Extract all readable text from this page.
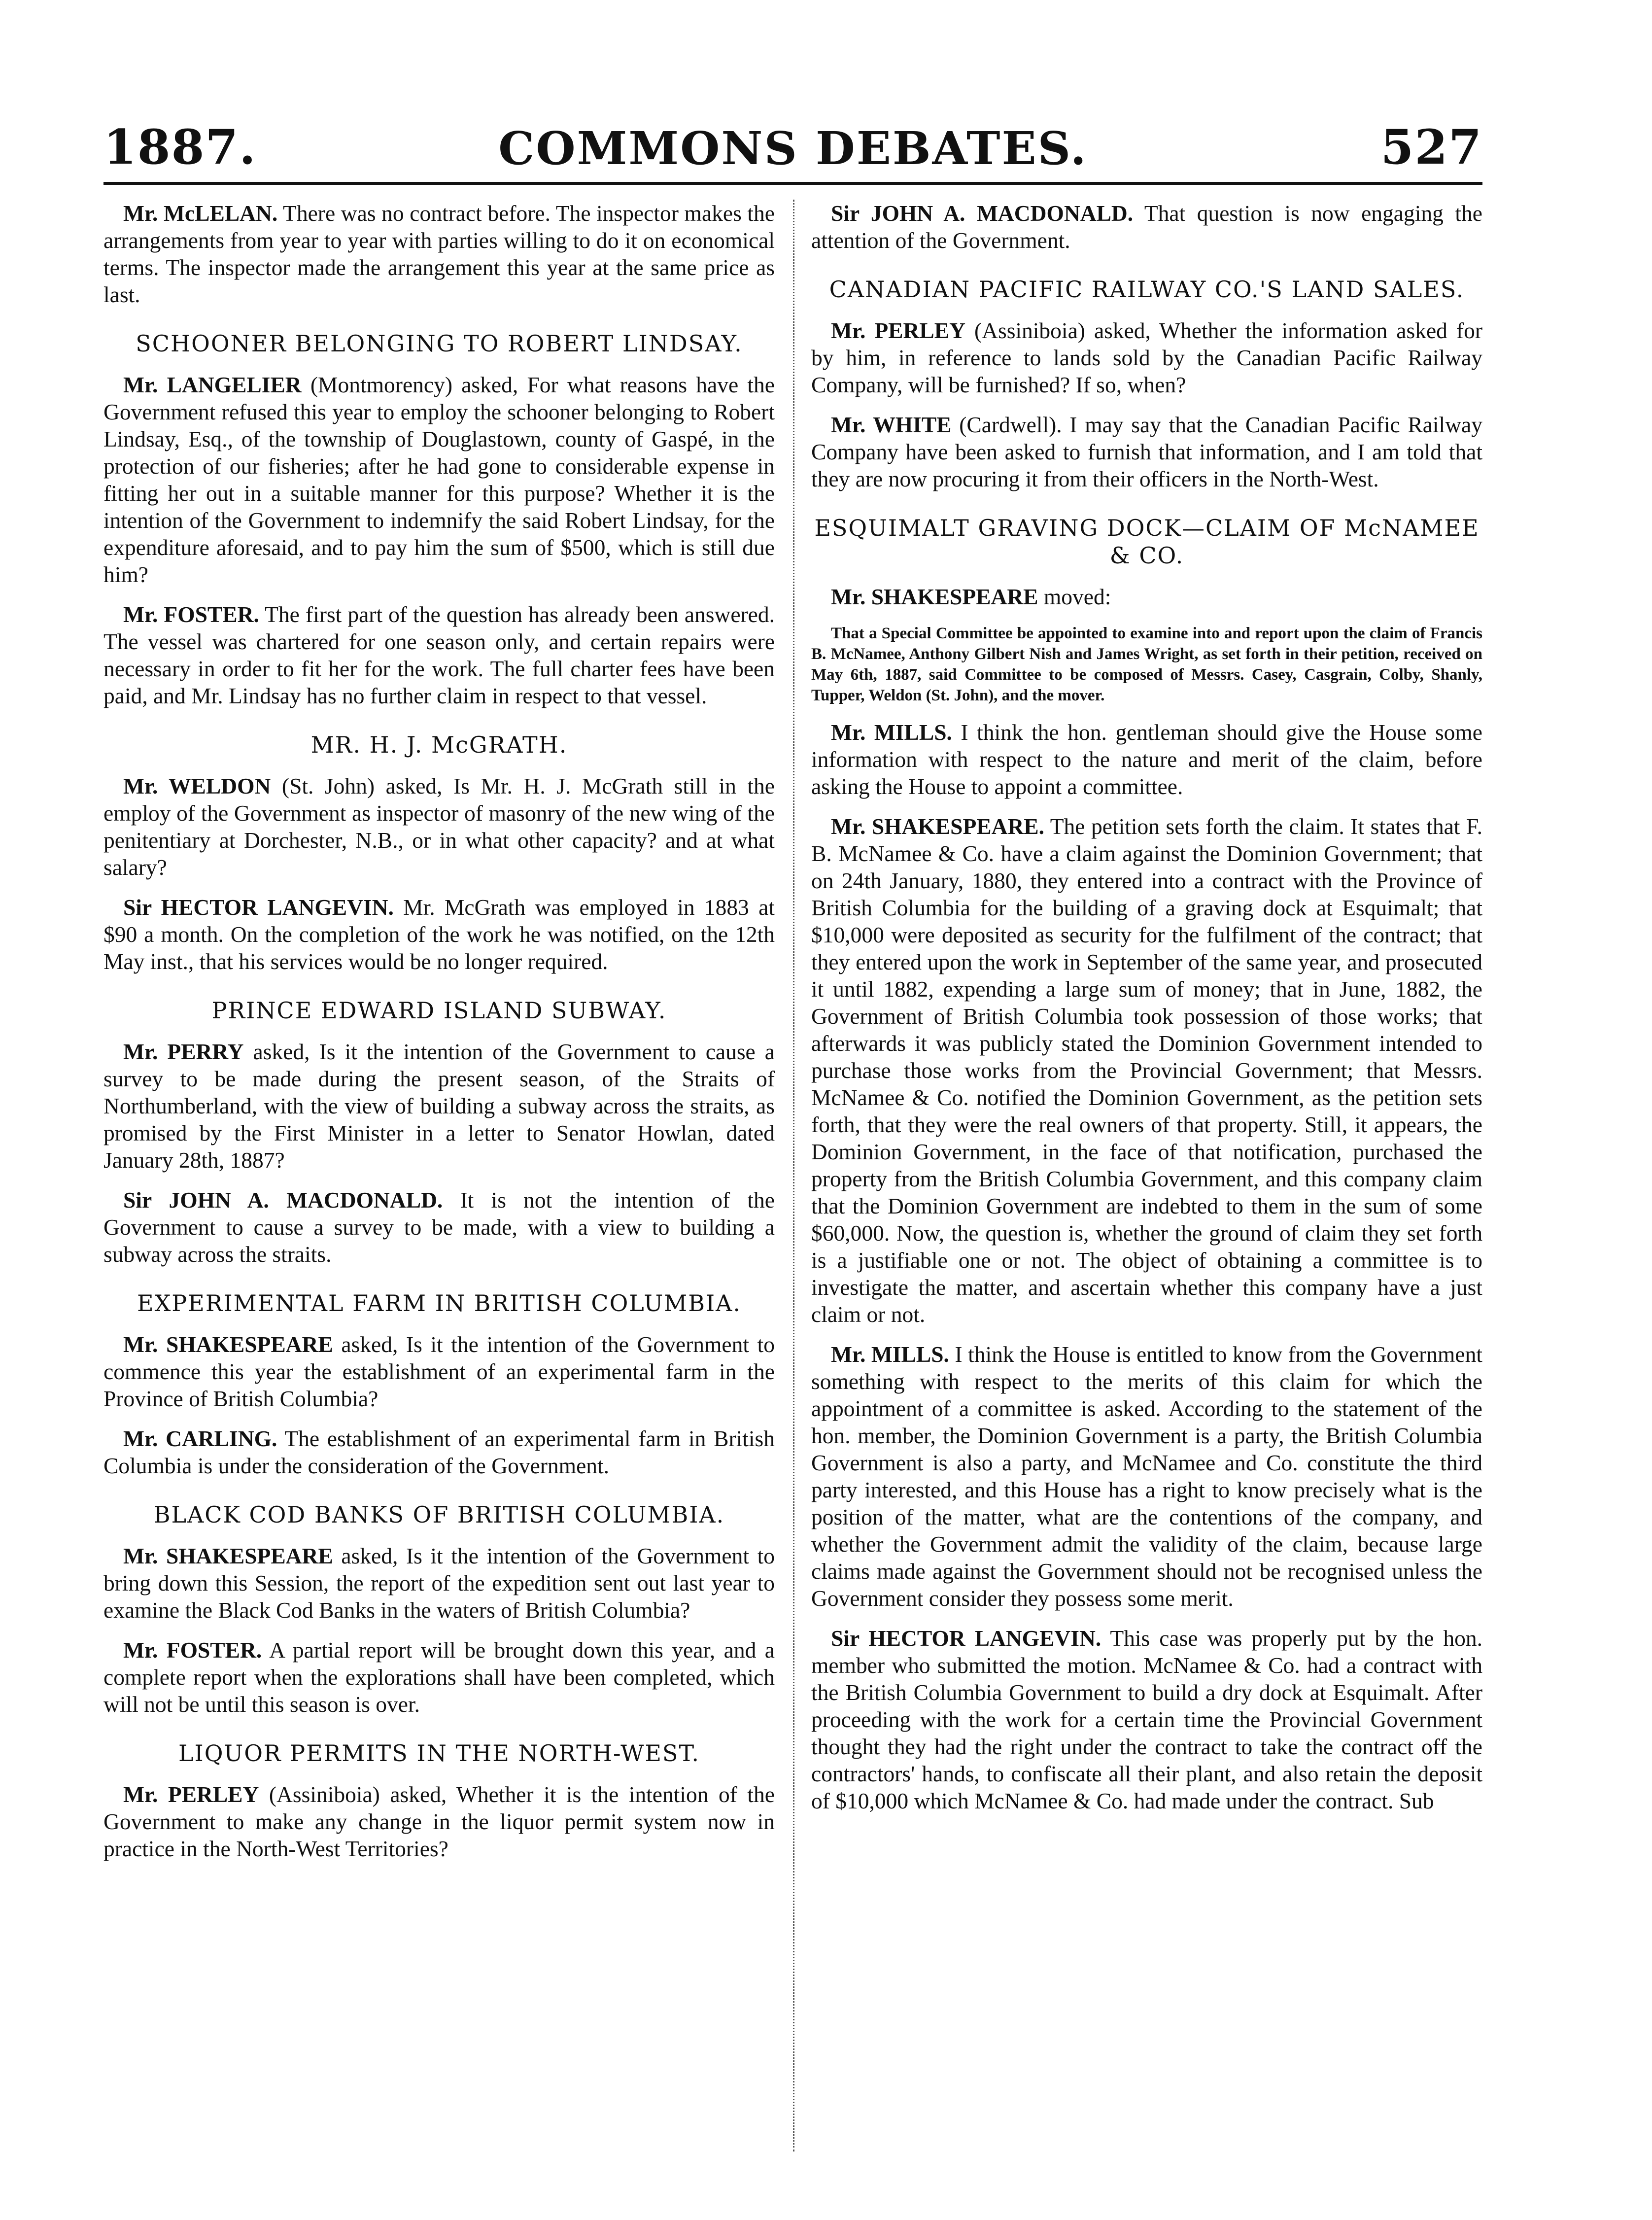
1887.	COMMONS DEBATES.	527

Mr. McLELAN. There was no contract before. The inspector makes the arrangements from year to year with parties willing to do it on economical terms. The inspector made the arrangement this year at the same price as last.

SCHOONER BELONGING TO ROBERT LINDSAY.

Mr. LANGELIER (Montmorency) asked, For what reasons have the Government refused this year to employ the schooner belonging to Robert Lindsay, Esq., of the township of Douglastown, county of Gaspé, in the protection of our fisheries; after he had gone to considerable expense in fitting her out in a suitable manner for this purpose? Whether it is the intention of the Government to indemnify the said Robert Lindsay, for the expenditure aforesaid, and to pay him the sum of $500, which is still due him?

Mr. FOSTER. The first part of the question has already been answered. The vessel was chartered for one season only, and certain repairs were necessary in order to fit her for the work. The full charter fees have been paid, and Mr. Lindsay has no further claim in respect to that vessel.

MR. H. J. McGRATH.

Mr. WELDON (St. John) asked, Is Mr. H. J. McGrath still in the employ of the Government as inspector of masonry of the new wing of the penitentiary at Dorchester, N.B., or in what other capacity? and at what salary?

Sir HECTOR LANGEVIN. Mr. McGrath was employed in 1883 at $90 a month. On the completion of the work he was notified, on the 12th May inst., that his services would be no longer required.

PRINCE EDWARD ISLAND SUBWAY.

Mr. PERRY asked, Is it the intention of the Government to cause a survey to be made during the present season, of the Straits of Northumberland, with the view of building a subway across the straits, as promised by the First Minister in a letter to Senator Howlan, dated January 28th, 1887?

Sir JOHN A. MACDONALD. It is not the intention of the Government to cause a survey to be made, with a view to building a subway across the straits.

EXPERIMENTAL FARM IN BRITISH COLUMBIA.

Mr. SHAKESPEARE asked, Is it the intention of the Government to commence this year the establishment of an experimental farm in the Province of British Columbia?

Mr. CARLING. The establishment of an experimental farm in British Columbia is under the consideration of the Government.

BLACK COD BANKS OF BRITISH COLUMBIA.

Mr. SHAKESPEARE asked, Is it the intention of the Government to bring down this Session, the report of the expedition sent out last year to examine the Black Cod Banks in the waters of British Columbia?

Mr. FOSTER. A partial report will be brought down this year, and a complete report when the explorations shall have been completed, which will not be until this season is over.

LIQUOR PERMITS IN THE NORTH-WEST.

Mr. PERLEY (Assiniboia) asked, Whether it is the intention of the Government to make any change in the liquor permit system now in practice in the North-West Territories?

Sir JOHN A. MACDONALD. That question is now engaging the attention of the Government.

CANADIAN PACIFIC RAILWAY CO.'S LAND SALES.

Mr. PERLEY (Assiniboia) asked, Whether the information asked for by him, in reference to lands sold by the Canadian Pacific Railway Company, will be furnished? If so, when?

Mr. WHITE (Cardwell). I may say that the Canadian Pacific Railway Company have been asked to furnish that information, and I am told that they are now procuring it from their officers in the North-West.

ESQUIMALT GRAVING DOCK—CLAIM OF McNAMEE & CO.

Mr. SHAKESPEARE moved:

That a Special Committee be appointed to examine into and report upon the claim of Francis B. McNamee, Anthony Gilbert Nish and James Wright, as set forth in their petition, received on May 6th, 1887, said Committee to be composed of Messrs. Casey, Casgrain, Colby, Shanly, Tupper, Weldon (St. John), and the mover.

Mr. MILLS. I think the hon. gentleman should give the House some information with respect to the nature and merit of the claim, before asking the House to appoint a committee.

Mr. SHAKESPEARE. The petition sets forth the claim. It states that F. B. McNamee & Co. have a claim against the Dominion Government; that on 24th January, 1880, they entered into a contract with the Province of British Columbia for the building of a graving dock at Esquimalt; that $10,000 were deposited as security for the fulfilment of the contract; that they entered upon the work in September of the same year, and prosecuted it until 1882, expending a large sum of money; that in June, 1882, the Government of British Columbia took possession of those works; that afterwards it was publicly stated the Dominion Government intended to purchase those works from the Provincial Government; that Messrs. McNamee & Co. notified the Dominion Government, as the petition sets forth, that they were the real owners of that property. Still, it appears, the Dominion Government, in the face of that notification, purchased the property from the British Columbia Government, and this company claim that the Dominion Government are indebted to them in the sum of some $60,000. Now, the question is, whether the ground of claim they set forth is a justifiable one or not. The object of obtaining a committee is to investigate the matter, and ascertain whether this company have a just claim or not.

Mr. MILLS. I think the House is entitled to know from the Government something with respect to the merits of this claim for which the appointment of a committee is asked. According to the statement of the hon. member, the Dominion Government is a party, the British Columbia Government is also a party, and McNamee and Co. constitute the third party interested, and this House has a right to know precisely what is the position of the matter, what are the contentions of the company, and whether the Government admit the validity of the claim, because large claims made against the Government should not be recognised unless the Government consider they possess some merit.

Sir HECTOR LANGEVIN. This case was properly put by the hon. member who submitted the motion. McNamee & Co. had a contract with the British Columbia Government to build a dry dock at Esquimalt. After proceeding with the work for a certain time the Provincial Government thought they had the right under the contract to take the contract off the contractors' hands, to confiscate all their plant, and also retain the deposit of $10,000 which McNamee & Co. had made under the contract. Sub
